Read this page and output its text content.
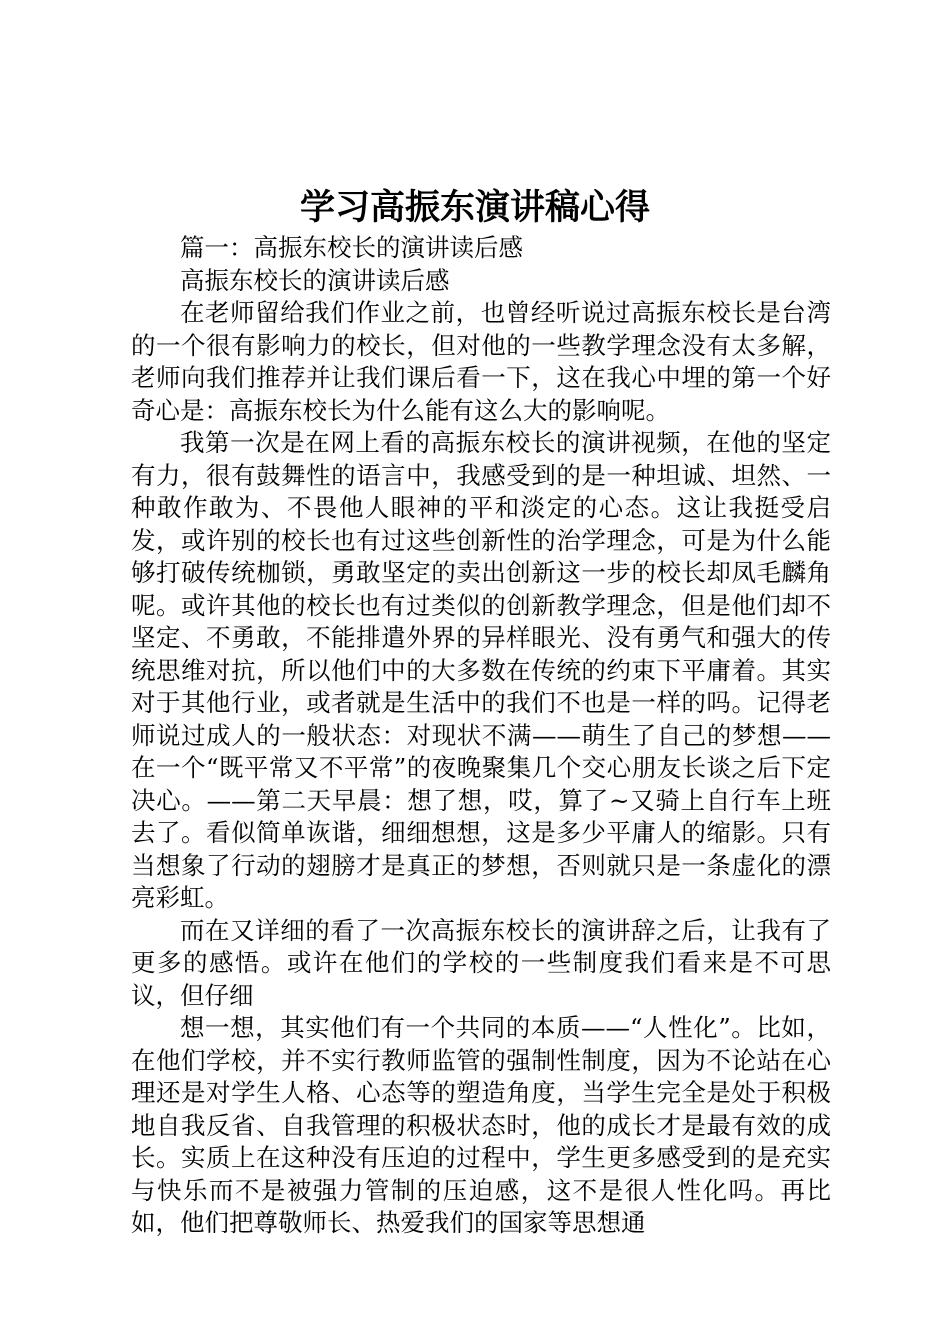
学习高振东演讲稿心得

篇一：高振东校长的演讲读后感

高振东校长的演讲读后感

在老师留给我们作业之前，也曾经听说过高振东校长是台湾的一个很有影响力的校长，但对他的一些教学理念没有太多解，老师向我们推荐并让我们课后看一下，这在我心中埋的第一个好奇心是：高振东校长为什么能有这么大的影响呢。

我第一次是在网上看的高振东校长的演讲视频，在他的坚定有力，很有鼓舞性的语言中，我感受到的是一种坦诚、坦然、一种敢作敢为、不畏他人眼神的平和淡定的心态。这让我挺受启发，或许别的校长也有过这些创新性的治学理念，可是为什么能够打破传统枷锁，勇敢坚定的卖出创新这一步的校长却凤毛麟角呢。或许其他的校长也有过类似的创新教学理念，但是他们却不坚定、不勇敢，不能排遣外界的异样眼光、没有勇气和强大的传统思维对抗，所以他们中的大多数在传统的约束下平庸着。其实对于其他行业，或者就是生活中的我们不也是一样的吗。记得老师说过成人的一般状态：对现状不满——萌生了自己的梦想——在一个“既平常又不平常”的夜晚聚集几个交心朋友长谈之后下定决心。——第二天早晨：想了想，哎，算了~又骑上自行车上班去了。看似简单诙谐，细细想想，这是多少平庸人的缩影。只有当想象了行动的翅膀才是真正的梦想，否则就只是一条虚化的漂亮彩虹。

而在又详细的看了一次高振东校长的演讲辞之后，让我有了更多的感悟。或许在他们的学校的一些制度我们看来是不可思议，但仔细

想一想，其实他们有一个共同的本质——“人性化”。比如，在他们学校，并不实行教师监管的强制性制度，因为不论站在心理还是对学生人格、心态等的塑造角度，当学生完全是处于积极地自我反省、自我管理的积极状态时，他的成长才是最有效的成长。实质上在这种没有压迫的过程中，学生更多感受到的是充实与快乐而不是被强力管制的压迫感，这不是很人性化吗。再比如，他们把尊敬师长、热爱我们的国家等思想通
